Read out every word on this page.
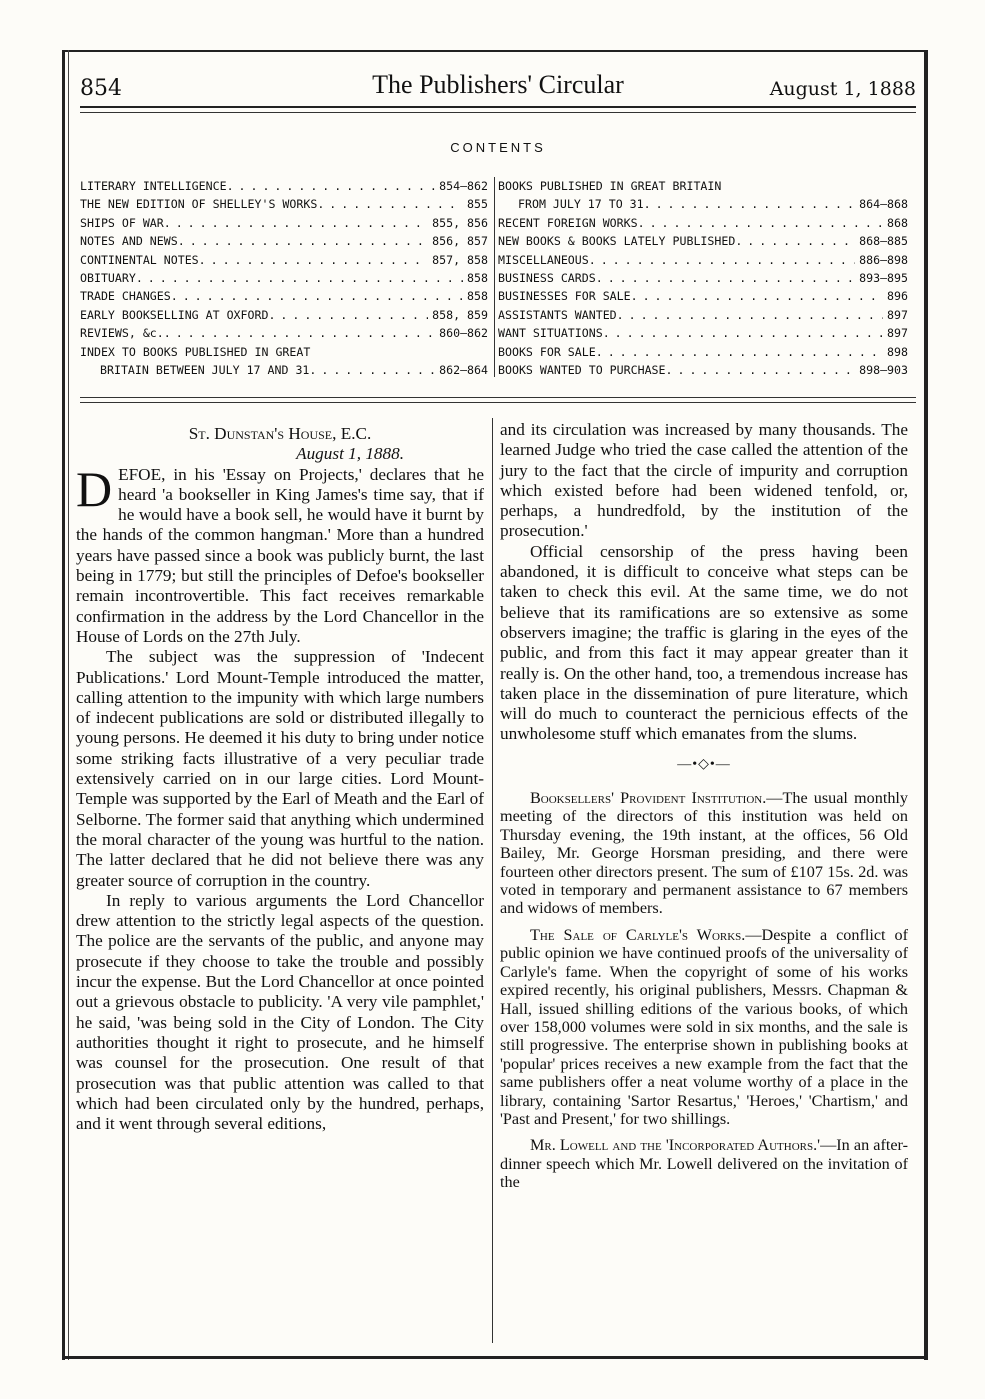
854	The Publishers' Circular	August 1, 1888
CONTENTS
LITERARY INTELLIGENCE . . .	854—862
THE NEW EDITION OF SHELLEY'S WORKS . . .	855
SHIPS OF WAR . . .	855, 856
NOTES AND NEWS . . .	856, 857
CONTINENTAL NOTES . . .	857, 858
OBITUARY . . .	858
TRADE CHANGES . . .	858
EARLY BOOKSELLING AT OXFORD . . .	858, 859
REVIEWS, &c. . . .	860—862
INDEX TO BOOKS PUBLISHED IN GREAT
BRITAIN BETWEEN JULY 17 AND 31 . . .	862—864
BOOKS PUBLISHED IN GREAT BRITAIN
FROM JULY 17 TO 31 . . .	864—868
RECENT FOREIGN WORKS . . .	868
NEW BOOKS & BOOKS LATELY PUBLISHED . . .	868—885
MISCELLANEOUS . . .	886—898
BUSINESS CARDS . . .	893—895
BUSINESSES FOR SALE . . .	896
ASSISTANTS WANTED . . .	897
WANT SITUATIONS . . .	897
BOOKS FOR SALE . . .	898
BOOKS WANTED TO PURCHASE . . .	898–903
St. Dunstan's House, E.C.
August 1, 1888.

DEFOE, in his 'Essay on Projects,' declares that he heard 'a bookseller in King James's time say, that if he would have a book sell, he would have it burnt by the hands of the common hangman.' More than a hundred years have passed since a book was publicly burnt, the last being in 1779; but still the principles of Defoe's bookseller remain incontrovertible. This fact receives remarkable confirmation in the address by the Lord Chancellor in the House of Lords on the 27th July.

The subject was the suppression of 'Indecent Publications.' Lord Mount-Temple introduced the matter, calling attention to the impunity with which large numbers of indecent publications are sold or distributed illegally to young persons. He deemed it his duty to bring under notice some striking facts illustrative of a very peculiar trade extensively carried on in our large cities. Lord Mount-Temple was supported by the Earl of Meath and the Earl of Selborne. The former said that anything which undermined the moral character of the young was hurtful to the nation. The latter declared that he did not believe there was any greater source of corruption in the country.

In reply to various arguments the Lord Chancellor drew attention to the strictly legal aspects of the question. The police are the servants of the public, and anyone may prosecute if they choose to take the trouble and possibly incur the expense. But the Lord Chancellor at once pointed out a grievous obstacle to publicity. 'A very vile pamphlet,' he said, 'was being sold in the City of London. The City authorities thought it right to prosecute, and he himself was counsel for the prosecution. One result of that prosecution was that public attention was called to that which had been circulated only by the hundred, perhaps, and it went through several editions,

and its circulation was increased by many thousands. The learned Judge who tried the case called the attention of the jury to the fact that the circle of impurity and corruption which existed before had been widened tenfold, or, perhaps, a hundredfold, by the institution of the prosecution.'

Official censorship of the press having been abandoned, it is difficult to conceive what steps can be taken to check this evil. At the same time, we do not believe that its ramifications are so extensive as some observers imagine; the traffic is glaring in the eyes of the public, and from this fact it may appear greater than it really is. On the other hand, too, a tremendous increase has taken place in the dissemination of pure literature, which will do much to counteract the pernicious effects of the unwholesome stuff which emanates from the slums.

—•◇•—

Booksellers' Provident Institution.—The usual monthly meeting of the directors of this institution was held on Thursday evening, the 19th instant, at the offices, 56 Old Bailey, Mr. George Horsman presiding, and there were fourteen other directors present. The sum of £107 15s. 2d. was voted in temporary and permanent assistance to 67 members and widows of members.

The Sale of Carlyle's Works.—Despite a conflict of public opinion we have continued proofs of the universality of Carlyle's fame. When the copyright of some of his works expired recently, his original publishers, Messrs. Chapman & Hall, issued shilling editions of the various books, of which over 158,000 volumes were sold in six months, and the sale is still progressive. The enterprise shown in publishing books at 'popular' prices receives a new example from the fact that the same publishers offer a neat volume worthy of a place in the library, containing 'Sartor Resartus,' 'Heroes,' 'Chartism,' and 'Past and Present,' for two shillings.

Mr. Lowell and the 'Incorporated Authors.'—In an after-dinner speech which Mr. Lowell delivered on the invitation of the
